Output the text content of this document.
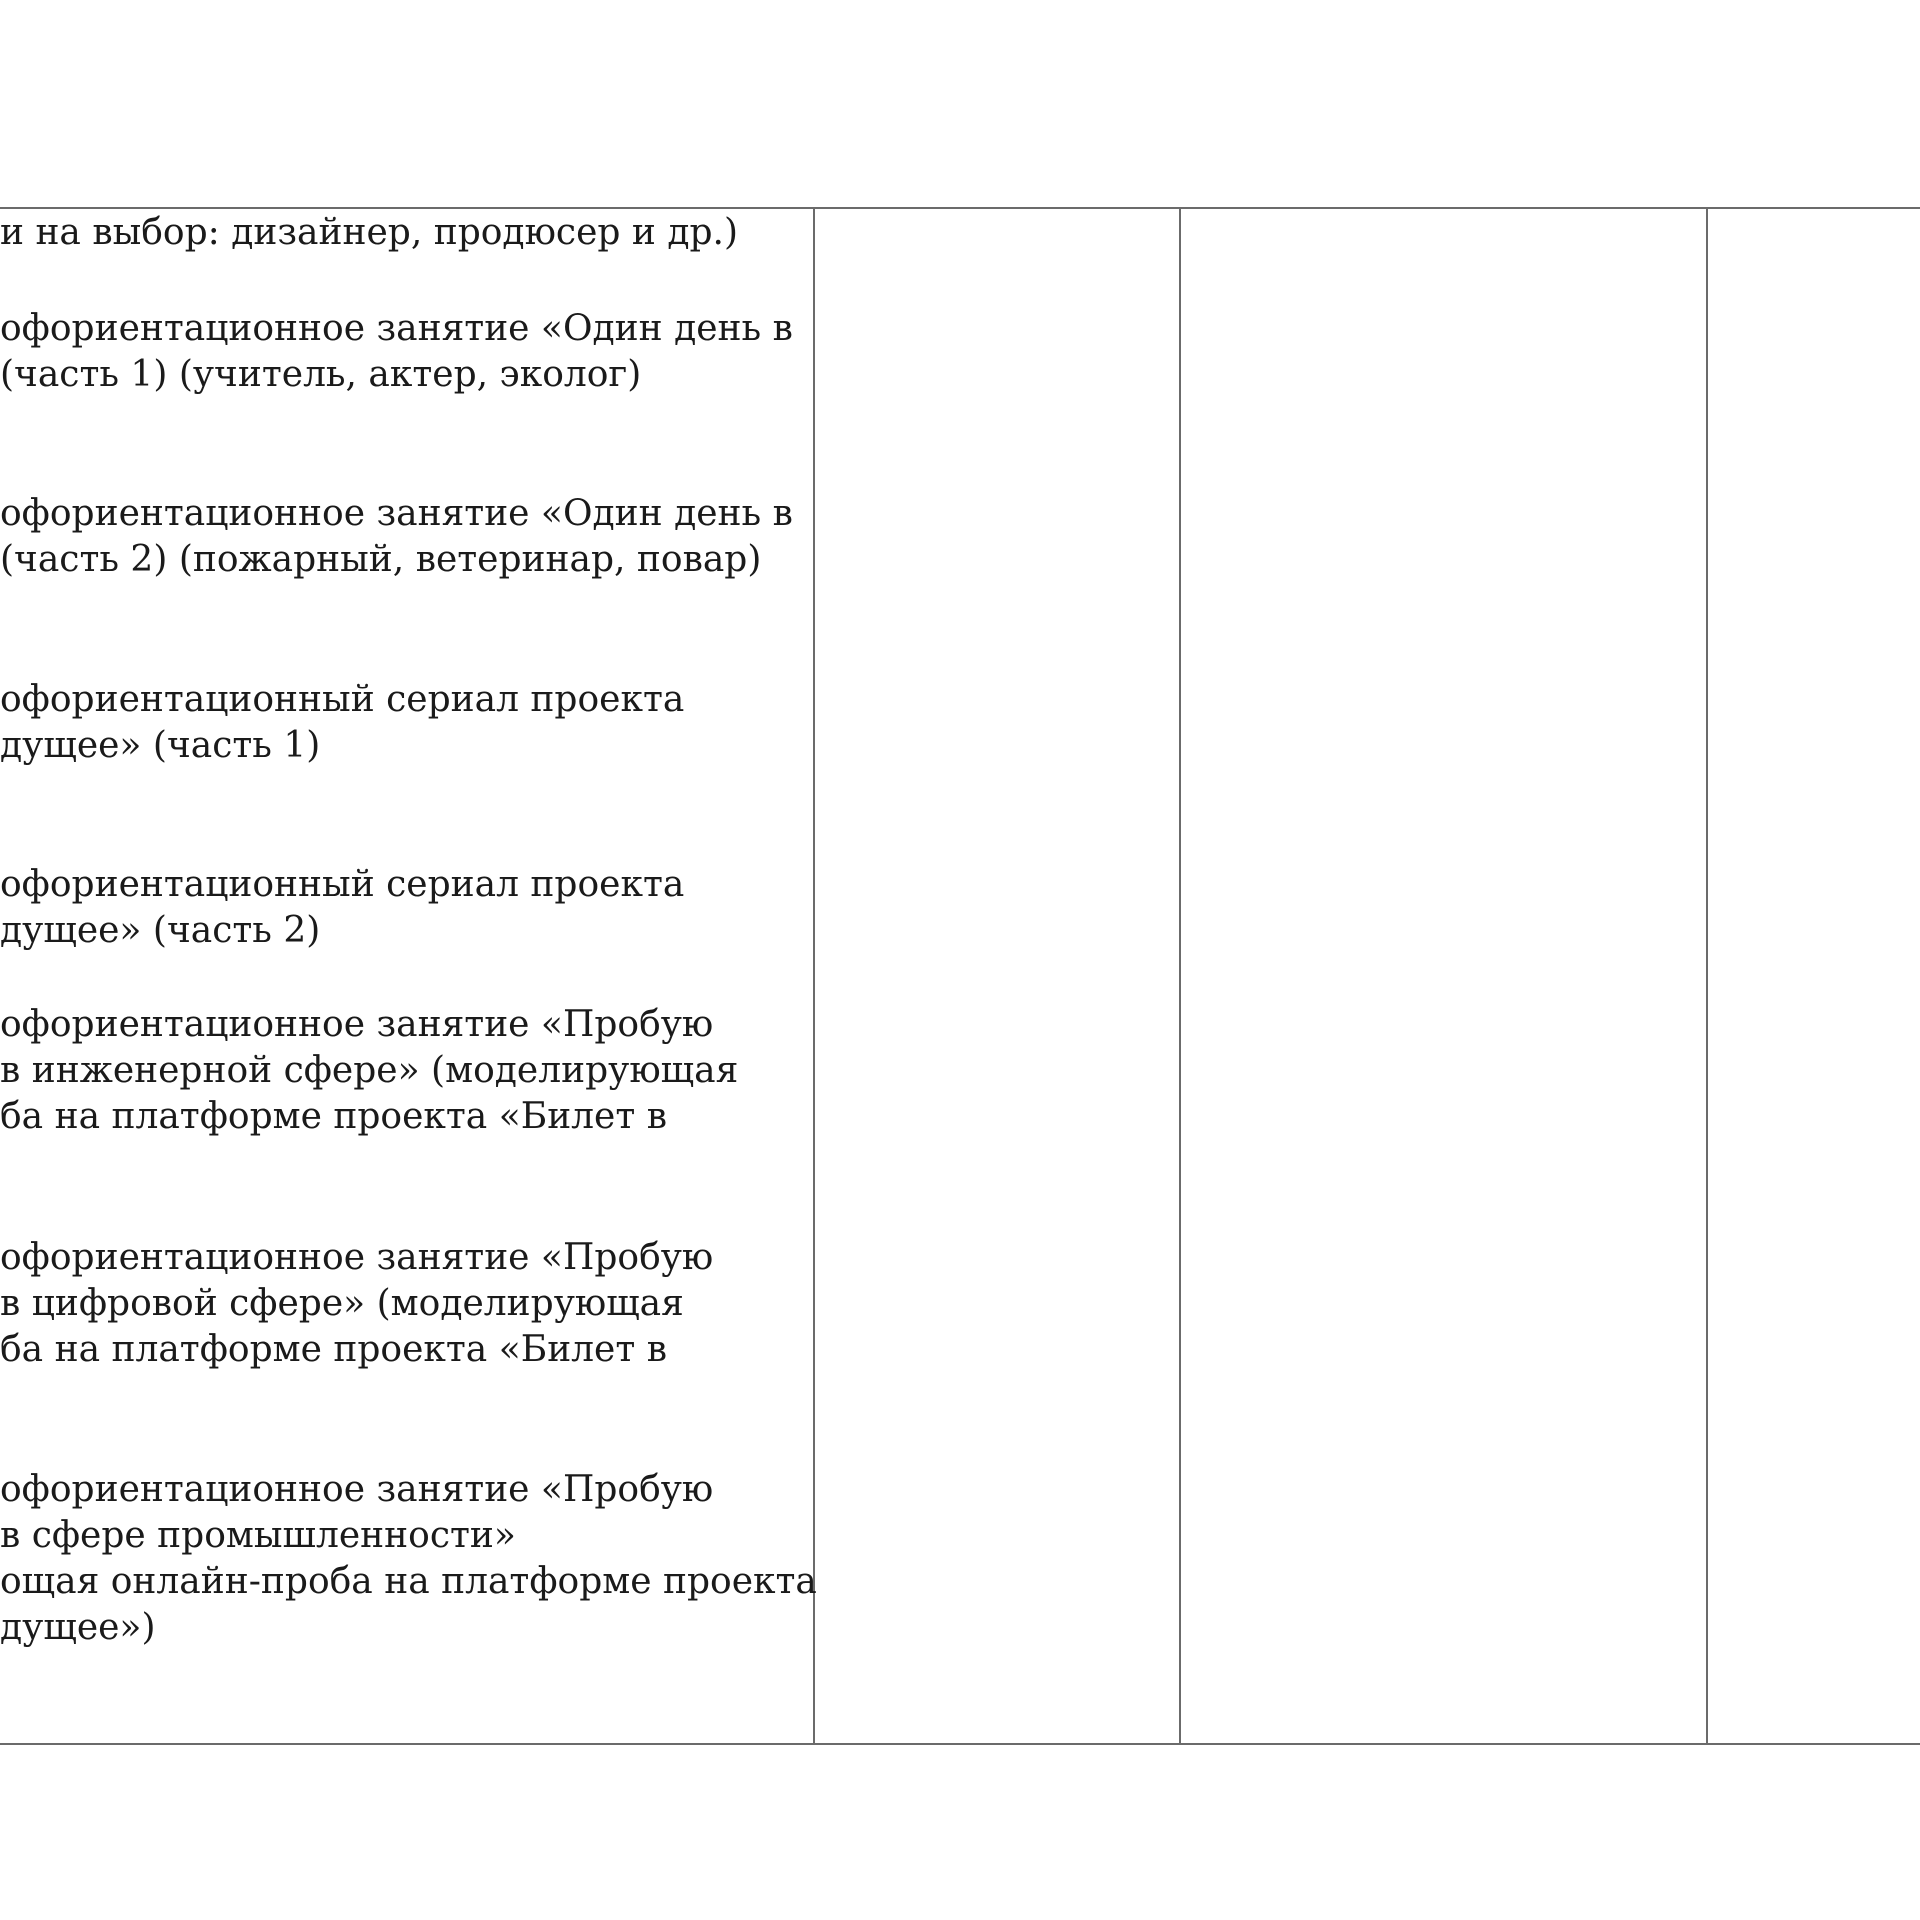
и на выбор: дизайнер, продюсер и др.)
офориентационное занятие «Один день в
(часть 1) (учитель, актер, эколог)
офориентационное занятие «Один день в
(часть 2) (пожарный, ветеринар, повар)
офориентационный сериал проекта
дущее» (часть 1)
офориентационный сериал проекта
дущее» (часть 2)
офориентационное занятие «Пробую
в инженерной сфере» (моделирующая
ба на платформе проекта «Билет в
офориентационное занятие «Пробую
в цифровой сфере» (моделирующая
ба на платформе проекта «Билет в
офориентационное занятие «Пробую
в сфере промышленности»
ощая онлайн-проба на платформе проекта
дущее»)
